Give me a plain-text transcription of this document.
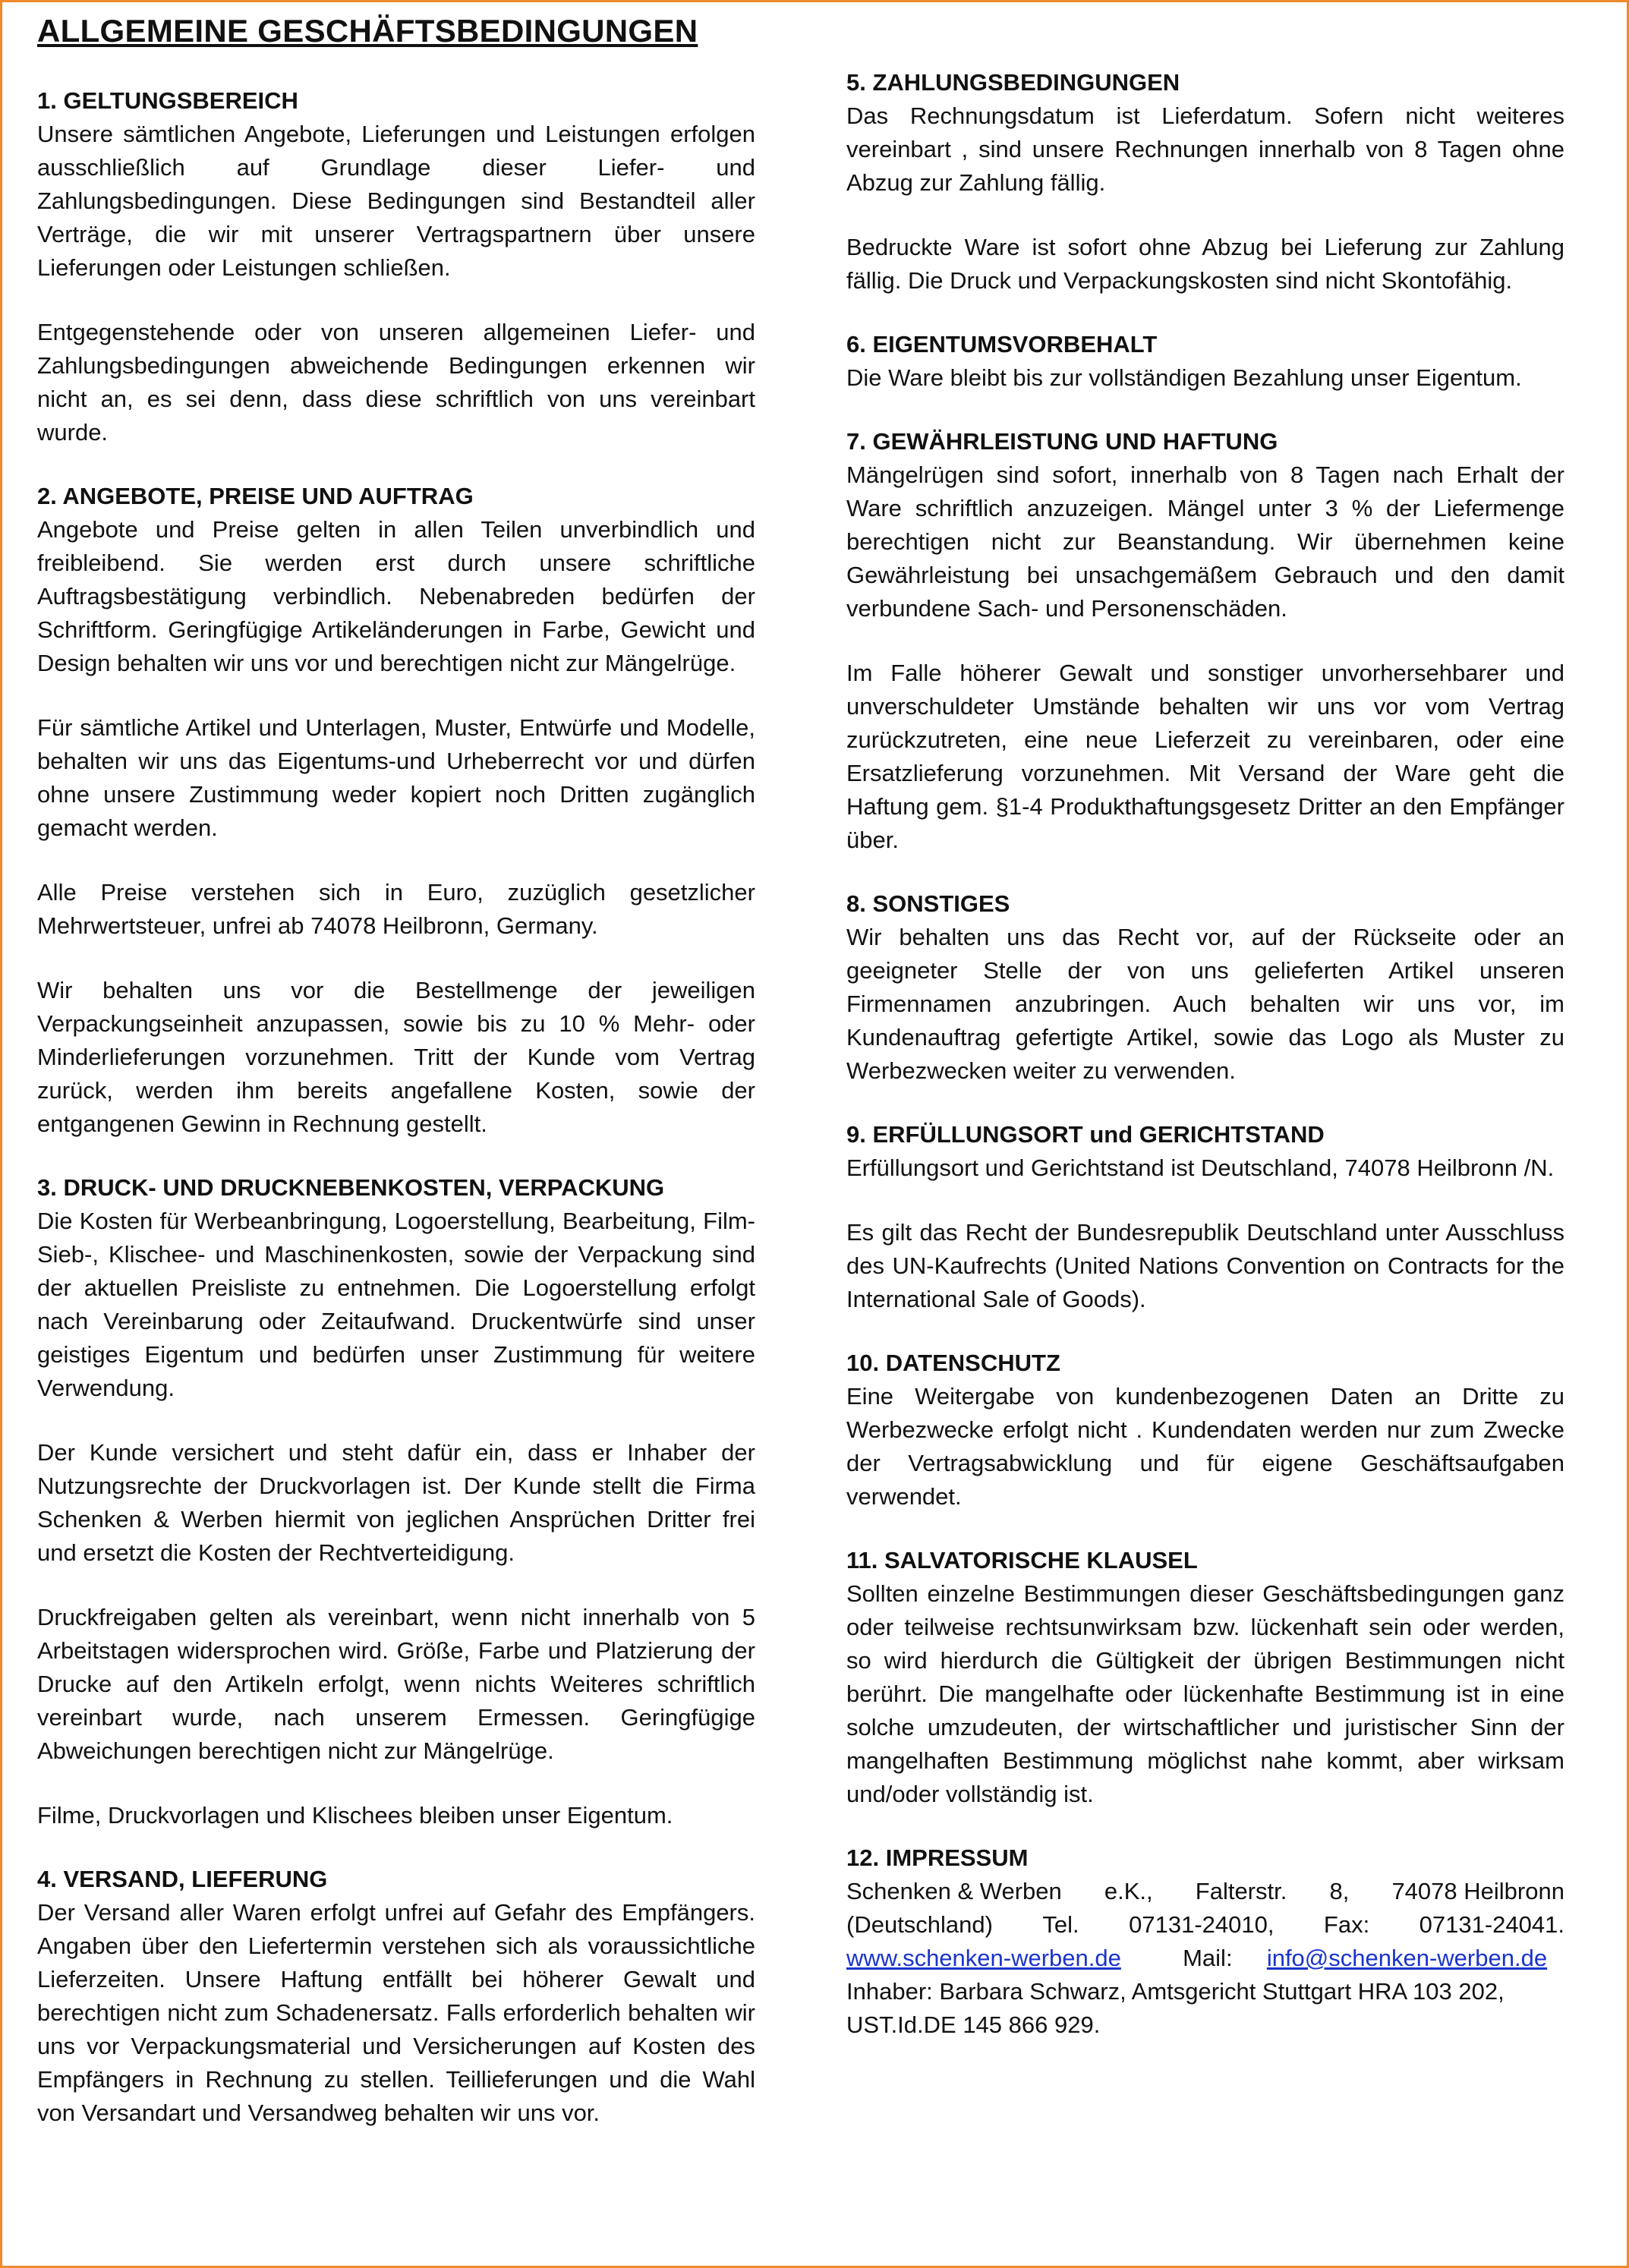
ALLGEMEINE GESCHÄFTSBEDINGUNGEN
1. GELTUNGSBEREICH
Unsere sämtlichen Angebote, Lieferungen und Leistungen erfolgen ausschließlich auf Grundlage dieser Liefer- und Zahlungsbedingungen. Diese Bedingungen sind Bestandteil aller Verträge, die wir mit unserer Vertragspartnern über unsere Lieferungen oder Leistungen schließen.
Entgegenstehende oder von unseren allgemeinen Liefer- und Zahlungsbedingungen abweichende Bedingungen erkennen wir nicht an, es sei denn, dass diese schriftlich von uns vereinbart wurde.
2. ANGEBOTE, PREISE UND AUFTRAG
Angebote und Preise gelten in allen Teilen unverbindlich und freibleibend. Sie werden erst durch unsere schriftliche Auftragsbestätigung verbindlich. Nebenabreden bedürfen der Schriftform. Geringfügige Artikeländerungen in Farbe, Gewicht und Design behalten wir uns vor und berechtigen nicht zur Mängelrüge.
Für sämtliche Artikel und Unterlagen, Muster, Entwürfe und Modelle, behalten wir uns das Eigentums-und Urheberrecht vor und dürfen ohne unsere Zustimmung weder kopiert noch Dritten zugänglich gemacht werden.
Alle Preise verstehen sich in Euro, zuzüglich gesetzlicher Mehrwertsteuer, unfrei ab 74078 Heilbronn, Germany.
Wir behalten uns vor die Bestellmenge der jeweiligen Verpackungseinheit anzupassen, sowie bis zu 10 % Mehr- oder Minderlieferungen vorzunehmen. Tritt der Kunde vom Vertrag zurück, werden ihm bereits angefallene Kosten, sowie der entgangenen Gewinn in Rechnung gestellt.
3. DRUCK- UND DRUCKNEBENKOSTEN, VERPACKUNG
Die Kosten für Werbeanbringung, Logoerstellung, Bearbeitung, Film- Sieb-, Klischee- und Maschinenkosten, sowie der Verpackung sind der aktuellen Preisliste zu entnehmen. Die Logoerstellung erfolgt nach Vereinbarung oder Zeitaufwand. Druckentwürfe sind unser geistiges Eigentum und bedürfen unser Zustimmung für weitere Verwendung.
Der Kunde versichert und steht dafür ein, dass er Inhaber der Nutzungsrechte der Druckvorlagen ist. Der Kunde stellt die Firma Schenken & Werben hiermit von jeglichen Ansprüchen Dritter frei und ersetzt die Kosten der Rechtverteidigung.
Druckfreigaben gelten als vereinbart, wenn nicht innerhalb von 5 Arbeitstagen widersprochen wird. Größe, Farbe und Platzierung der Drucke auf den Artikeln erfolgt, wenn nichts Weiteres schriftlich vereinbart wurde, nach unserem Ermessen. Geringfügige Abweichungen berechtigen nicht zur Mängelrüge.
Filme, Druckvorlagen und Klischees bleiben unser Eigentum.
4. VERSAND, LIEFERUNG
Der Versand aller Waren erfolgt unfrei auf Gefahr des Empfängers. Angaben über den Liefertermin verstehen sich als voraussichtliche Lieferzeiten. Unsere Haftung entfällt bei höherer Gewalt und berechtigen nicht zum Schadenersatz. Falls erforderlich behalten wir uns vor Verpackungsmaterial und Versicherungen auf Kosten des Empfängers in Rechnung zu stellen. Teillieferungen und die Wahl von Versandart und Versandweg behalten wir uns vor.
5. ZAHLUNGSBEDINGUNGEN
Das Rechnungsdatum ist Lieferdatum. Sofern nicht weiteres vereinbart , sind unsere Rechnungen innerhalb von 8 Tagen ohne Abzug zur Zahlung fällig.
Bedruckte Ware ist sofort ohne Abzug bei Lieferung zur Zahlung fällig. Die Druck und Verpackungskosten sind nicht Skontofähig.
6. EIGENTUMSVORBEHALT
Die Ware bleibt bis zur vollständigen Bezahlung unser Eigentum.
7. GEWÄHRLEISTUNG UND HAFTUNG
Mängelrügen sind sofort, innerhalb von 8 Tagen nach Erhalt der Ware schriftlich anzuzeigen. Mängel unter 3 % der Liefermenge berechtigen nicht zur Beanstandung. Wir übernehmen keine Gewährleistung bei unsachgemäßem Gebrauch und den damit verbundene Sach- und Personenschäden.
Im Falle höherer Gewalt und sonstiger unvorhersehbarer und unverschuldeter Umstände behalten wir uns vor vom Vertrag zurückzutreten, eine neue Lieferzeit zu vereinbaren, oder eine Ersatzlieferung vorzunehmen. Mit Versand der Ware geht die Haftung gem. §1-4 Produkthaftungsgesetz Dritter an den Empfänger über.
8. SONSTIGES
Wir behalten uns das Recht vor, auf der Rückseite oder an geeigneter Stelle der von uns gelieferten Artikel unseren Firmennamen anzubringen. Auch behalten wir uns vor, im Kundenauftrag gefertigte Artikel, sowie das Logo als Muster zu Werbezwecken weiter zu verwenden.
9. ERFÜLLUNGSORT und GERICHTSTAND
Erfüllungsort und Gerichtstand ist Deutschland, 74078 Heilbronn /N.
Es gilt das Recht der Bundesrepublik Deutschland unter Ausschluss des UN-Kaufrechts (United Nations Convention on Contracts for the International Sale of Goods).
10. DATENSCHUTZ
Eine Weitergabe von kundenbezogenen Daten an Dritte zu Werbezwecke erfolgt nicht . Kundendaten werden nur zum Zwecke der Vertragsabwicklung und für eigene Geschäftsaufgaben verwendet.
11. SALVATORISCHE KLAUSEL
Sollten einzelne Bestimmungen dieser Geschäftsbedingungen ganz oder teilweise rechtsunwirksam bzw. lückenhaft sein oder werden, so wird hierdurch die Gültigkeit der übrigen Bestimmungen nicht berührt. Die mangelhafte oder lückenhafte Bestimmung ist in eine solche umzudeuten, der wirtschaftlicher und juristischer Sinn der mangelhaften Bestimmung möglichst nahe kommt, aber wirksam und/oder vollständig ist.
12. IMPRESSUM
Schenken & Werben e.K., Falterstr. 8, 74078 Heilbronn
(Deutschland) Tel. 07131-24010, Fax: 07131-24041.
www.schenken-werben.de	Mail: info@schenken-werben.de
Inhaber: Barbara Schwarz, Amtsgericht Stuttgart HRA 103 202,
UST.Id.DE 145 866 929.
